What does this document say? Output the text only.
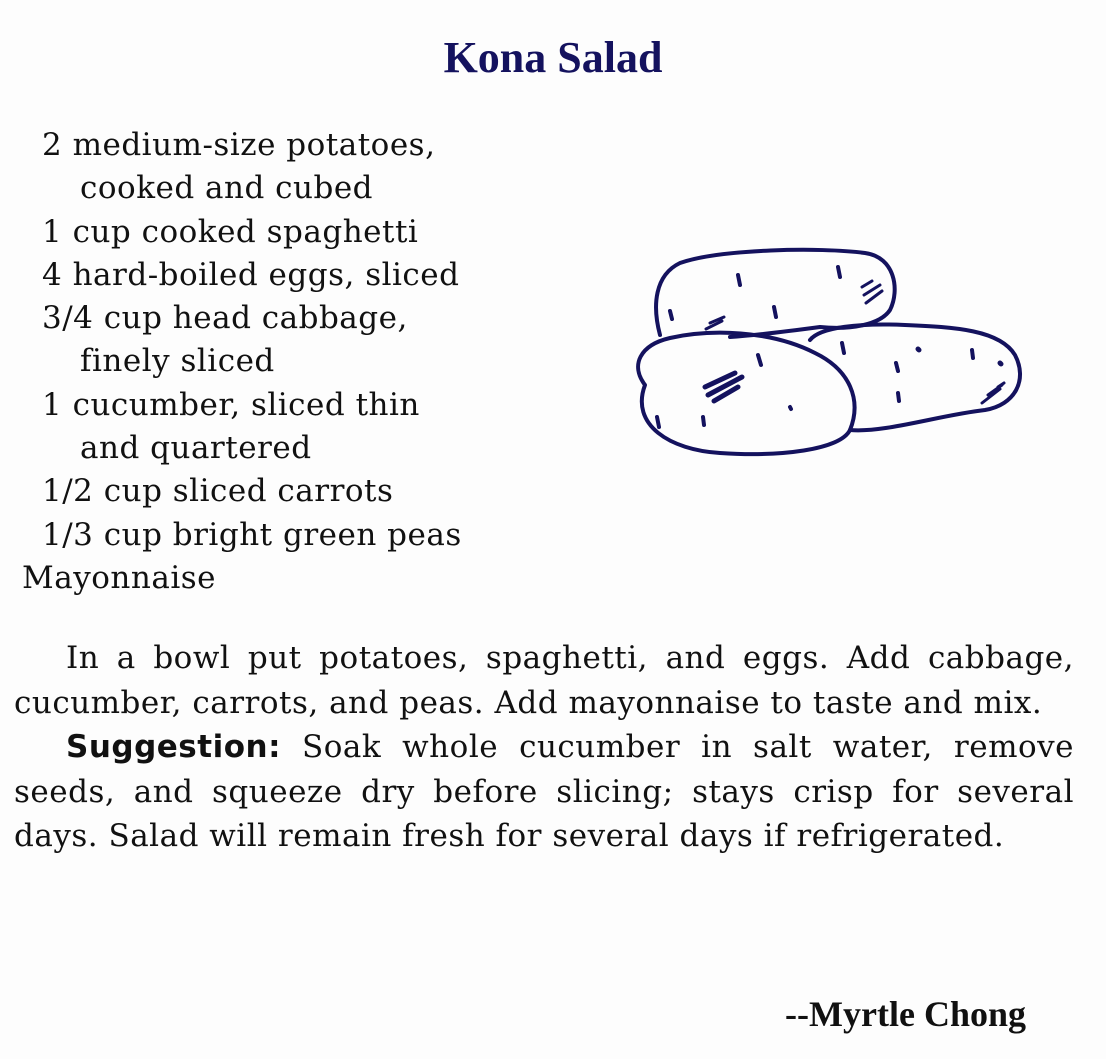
Kona Salad
2 medium-size potatoes,
cooked and cubed
1 cup cooked spaghetti
4 hard-boiled eggs, sliced
3/4 cup head cabbage,
finely sliced
1 cucumber, sliced thin
and quartered
1/2 cup sliced carrots
1/3 cup bright green peas
Mayonnaise

In a bowl put potatoes, spaghetti, and eggs. Add cabbage, cucumber, carrots, and peas. Add mayonnaise to taste and mix.

Suggestion: Soak whole cucumber in salt water, remove seeds, and squeeze dry before slicing; stays crisp for several days. Salad will remain fresh for several days if refrigerated.

--Myrtle Chong
